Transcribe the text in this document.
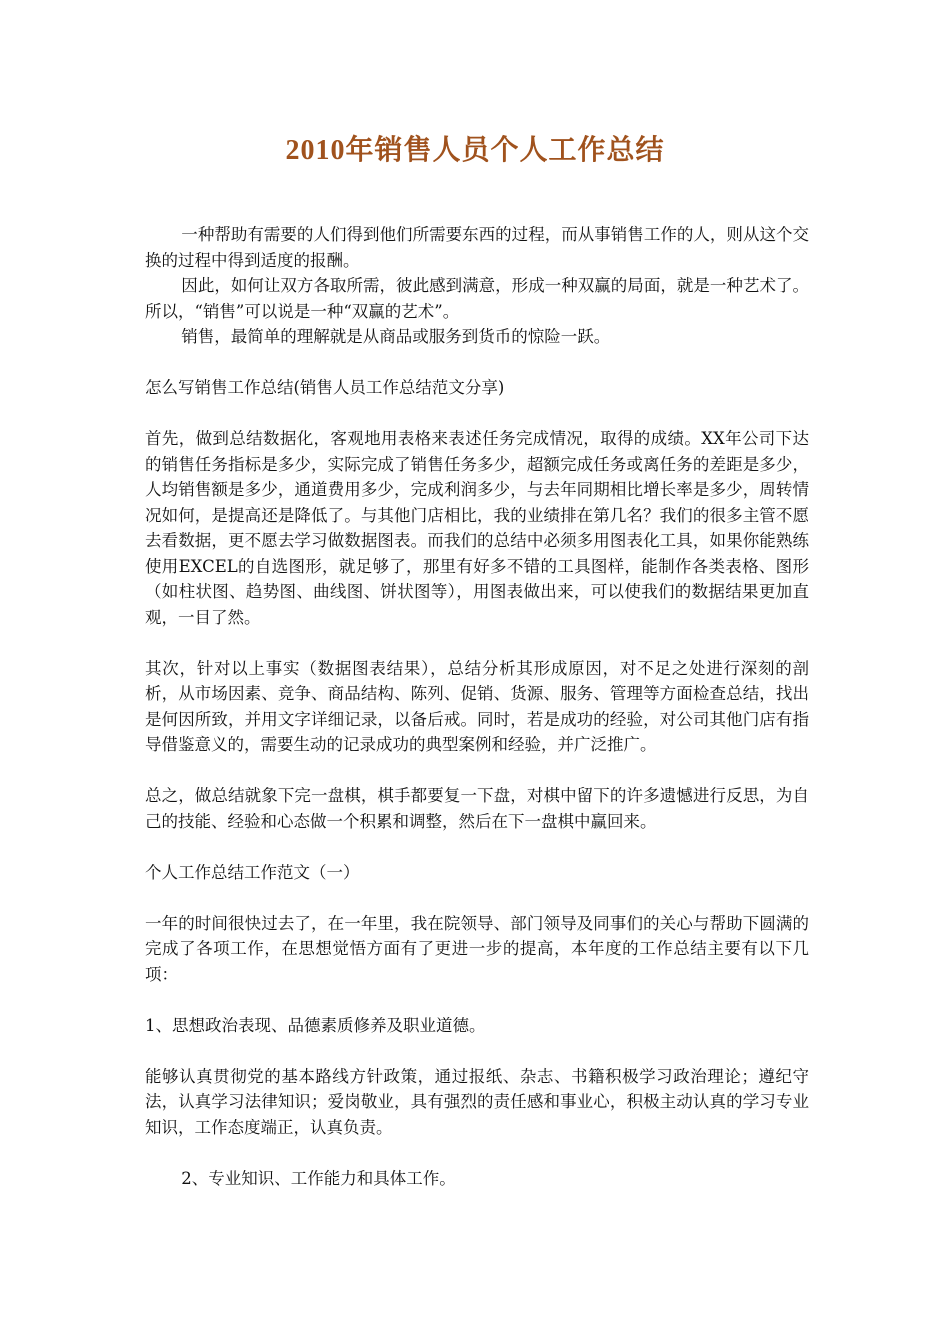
2010年销售人员个人工作总结

一种帮助有需要的人们得到他们所需要东西的过程，而从事销售工作的人，则从这个交换的过程中得到适度的报酬。

因此，如何让双方各取所需，彼此感到满意，形成一种双赢的局面，就是一种艺术了。所以，“销售”可以说是一种“双赢的艺术”。

销售，最简单的理解就是从商品或服务到货币的惊险一跃。

怎么写销售工作总结(销售人员工作总结范文分享)

首先，做到总结数据化，客观地用表格来表述任务完成情况，取得的成绩。XX年公司下达的销售任务指标是多少，实际完成了销售任务多少，超额完成任务或离任务的差距是多少，人均销售额是多少，通道费用多少，完成利润多少，与去年同期相比增长率是多少，周转情况如何，是提高还是降低了。与其他门店相比，我的业绩排在第几名？我们的很多主管不愿去看数据，更不愿去学习做数据图表。而我们的总结中必须多用图表化工具，如果你能熟练使用EXCEL的自选图形，就足够了，那里有好多不错的工具图样，能制作各类表格、图形（如柱状图、趋势图、曲线图、饼状图等），用图表做出来，可以使我们的数据结果更加直观，一目了然。

其次，针对以上事实（数据图表结果），总结分析其形成原因，对不足之处进行深刻的剖析，从市场因素、竞争、商品结构、陈列、促销、货源、服务、管理等方面检查总结，找出是何因所致，并用文字详细记录，以备后戒。同时，若是成功的经验，对公司其他门店有指导借鉴意义的，需要生动的记录成功的典型案例和经验，并广泛推广。

总之，做总结就象下完一盘棋，棋手都要复一下盘，对棋中留下的许多遗憾进行反思，为自己的技能、经验和心态做一个积累和调整，然后在下一盘棋中赢回来。

个人工作总结工作范文（一）

一年的时间很快过去了，在一年里，我在院领导、部门领导及同事们的关心与帮助下圆满的完成了各项工作，在思想觉悟方面有了更进一步的提高，本年度的工作总结主要有以下几项：

1、思想政治表现、品德素质修养及职业道德。

能够认真贯彻党的基本路线方针政策，通过报纸、杂志、书籍积极学习政治理论；遵纪守法，认真学习法律知识；爱岗敬业，具有强烈的责任感和事业心，积极主动认真的学习专业知识，工作态度端正，认真负责。

2、专业知识、工作能力和具体工作。
